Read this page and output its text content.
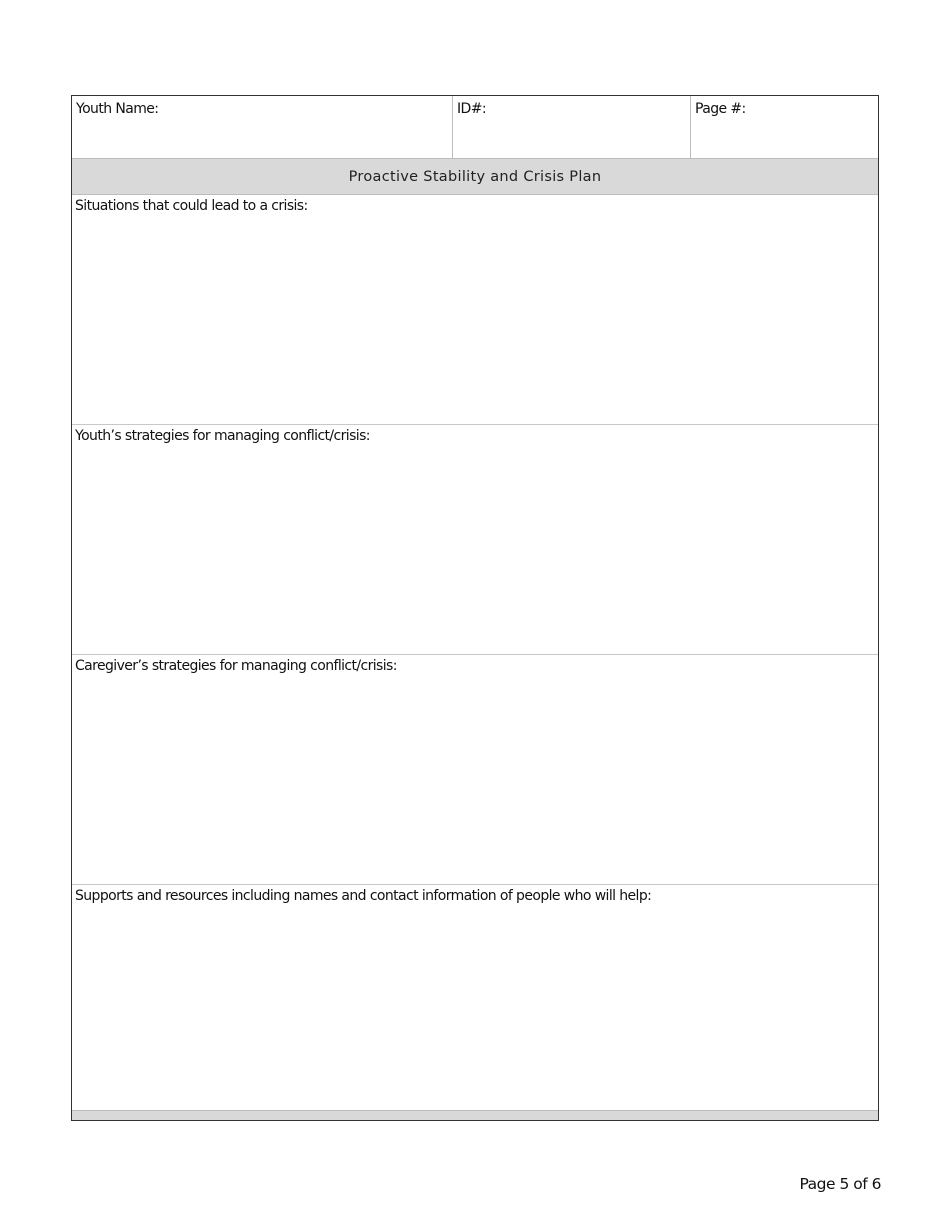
Youth Name:	ID#:	Page #:
Proactive Stability and Crisis Plan
Situations that could lead to a crisis:
Youth’s strategies for managing conflict/crisis:
Caregiver’s strategies for managing conflict/crisis:
Supports and resources including names and contact information of people who will help:
Page 5 of 6
